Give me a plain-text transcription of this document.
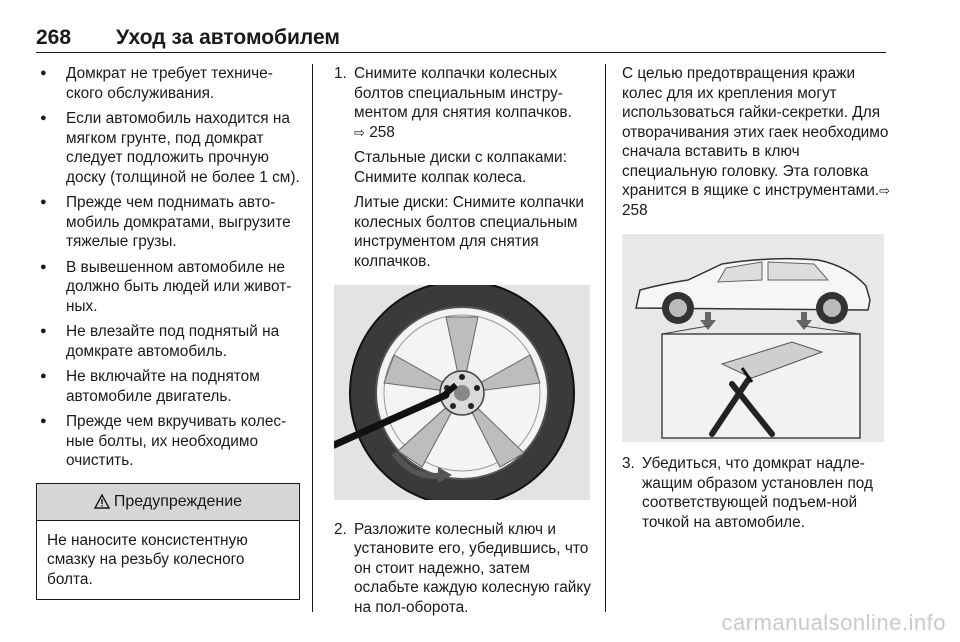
268 Уход за автомобилем
● Домкрат не требует техниче-ского обслуживания.
● Если автомобиль находится на мягком грунте, под домкрат следует подложить прочную доску (толщиной не более 1 см).
● Прежде чем поднимать авто-мобиль домкратами, выгрузите тяжелые грузы.
● В вывешенном автомобиле не должно быть людей или живот-ных.
● Не влезайте под поднятый на домкрате автомобиль.
● Не включайте на поднятом автомобиле двигатель.
● Прежде чем вкручивать колес-ные болты, их необходимо очистить.
Предупреждение
Не наносите консистентную смазку на резьбу колесного болта.
1. Снимите колпачки колесных болтов специальным инстру-ментом для снятия колпачков.
⇨ 258
Стальные диски с колпаками: Снимите колпак колеса.
Литые диски: Снимите колпачки колесных болтов специальным инструментом для снятия колпачков.
2. Разложите колесный ключ и установите его, убедившись, что он стоит надежно, затем ослабьте каждую колесную гайку на пол-оборота.
С целью предотвращения кражи колес для их крепления могут использоваться гайки-секретки. Для отворачивания этих гаек необходимо сначала вставить в ключ специальную головку. Эта головка хранится в ящике с инструментами.⇨ 258
3. Убедиться, что домкрат надле-жащим образом установлен под соответствующей подъем-ной точкой на автомобиле.
carmanualsonline.info
